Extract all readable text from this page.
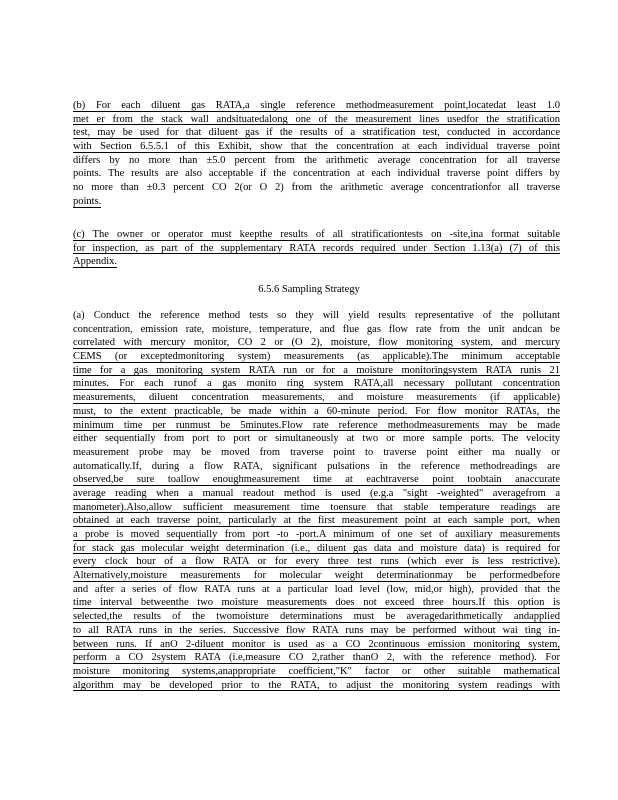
(b) For each diluent gas RATA,a single reference methodmeasurement point,locatedat least 1.0
met er from the stack wall andsituatedalong one of the measurement lines usedfor the stratification
test, may be used for that diluent gas if the results of a stratification test, conducted in accordance
with Section 6.5.5.1 of this Exhibit, show that the concentration at each individual traverse point
differs by no more than ±5.0 percent from the arithmetic average concentration for all traverse
points. The results are also acceptable if the concentration at each individual traverse point differs by
no more than ±0.3 percent CO 2(or O 2) from the arithmetic average concentrationfor all traverse
points.
(c) The owner or operator must keepthe results of all stratificationtests on -site,ina format suitable
for inspection, as part of the supplementary RATA records required under Section 1.13(a) (7) of this
Appendix.
6.5.6 Sampling Strategy
(a) Conduct the reference method tests so they will yield results representative of the pollutant
concentration, emission rate, moisture, temperature, and flue gas flow rate from the unit andcan be
correlated with mercury monitor, CO 2 or (O 2), moisture, flow monitoring system, and mercury
CEMS (or exceptedmonitoring system) measurements (as applicable).The minimum acceptable
time for a gas monitoring system RATA run or for a moisture monitoringsystem RATA runis 21
minutes. For each runof a gas monito ring system RATA,all necessary pollutant concentration
measurements, diluent concentration measurements, and moisture measurements (if applicable)
must, to the extent practicable, be made within a 60-minute period. For flow monitor RATAs, the
minimum time per runmust be 5minutes.Flow rate reference methodmeasurements may be made
either sequentially from port to port or simultaneously at two or more sample ports. The velocity
measurement probe may be moved from traverse point to traverse point either ma nually or
automatically.If, during a flow RATA, significant pulsations in the reference methodreadings are
observed,be sure toallow enoughmeasurement time at eachtraverse point toobtain anaccurate
average reading when a manual readout method is used (e.g.a "sight -weighted" averagefrom a
manometer).Also,allow sufficient measurement time toensure that stable temperature readings are
obtained at each traverse point, particularly at the first measurement point at each sample port, when
a probe is moved sequentially from port -to -port.A minimum of one set of auxiliary measurements
for stack gas molecular weight determination (i.e., diluent gas data and moisture data) is required for
every clock hour of a flow RATA or for every three test runs (which ever is less restrictive).
Alternatively,moisture measurements for molecular weight determinationmay be performedbefore
and after a series of flow RATA runs at a particular load level (low, mid,or high), provided that the
time interval betweenthe two moisture measurements does not exceed three hours.If this option is
selected,the results of the twomoisture determinations must be averagedarithmetically andapplied
to all RATA runs in the series. Successive flow RATA runs may be performed without wai ting in-
between runs. If anO 2-diluent monitor is used as a CO 2continuous emission monitoring system,
perform a CO 2system RATA (i.e,measure CO 2,rather thanO 2, with the reference method). For
moisture monitoring systems,anappropriate coefficient,"K" factor or other suitable mathematical
algorithm may be developed prior to the RATA, to adjust the monitoring system readings with
